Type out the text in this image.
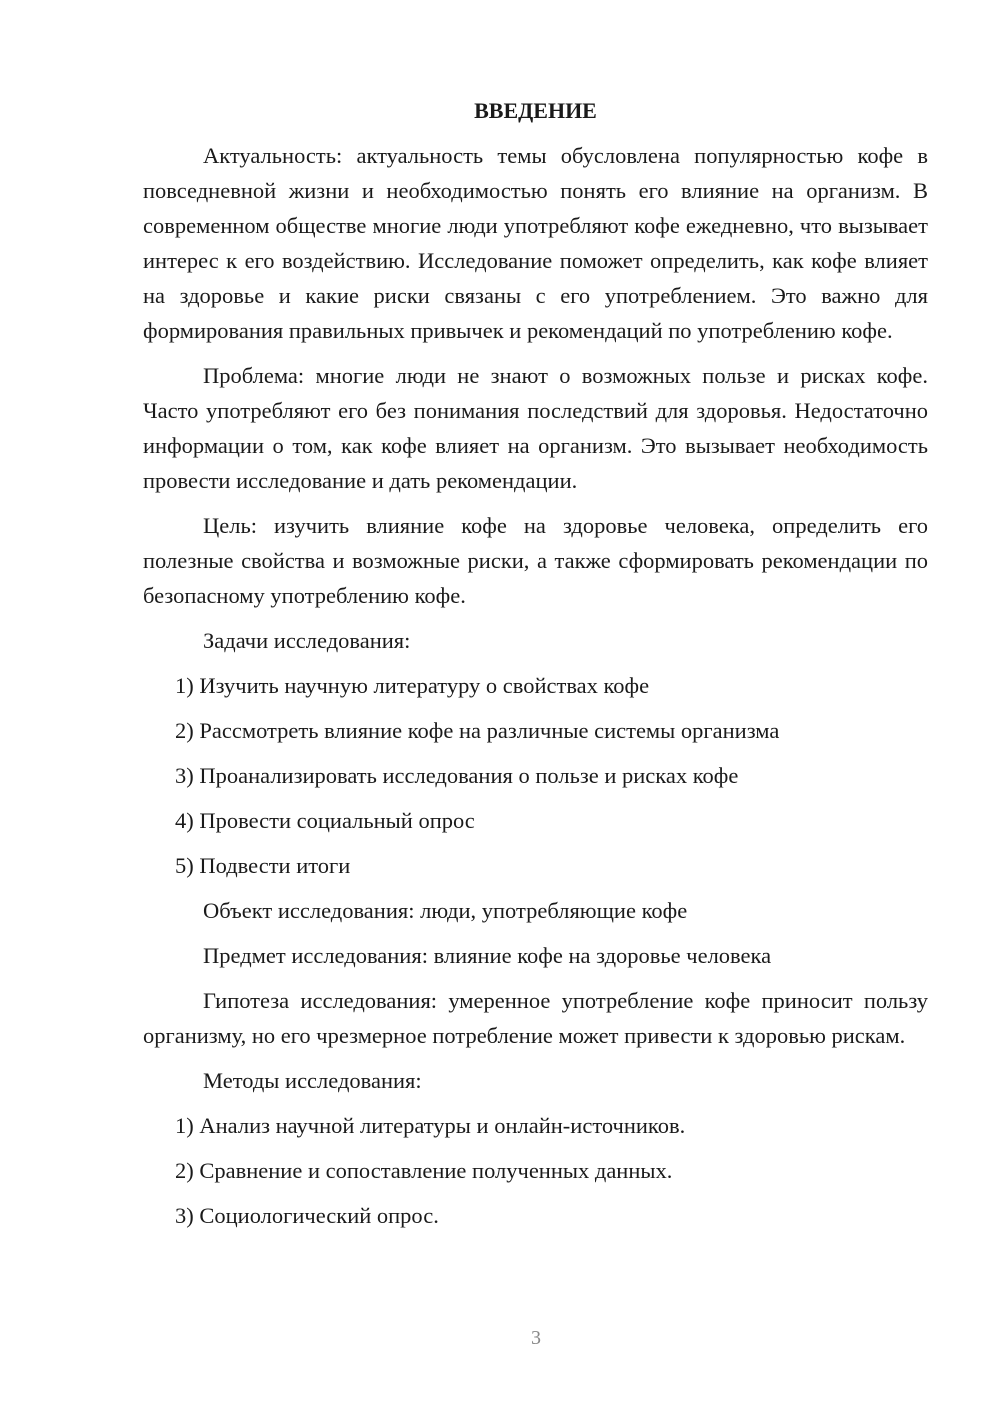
ВВЕДЕНИЕ

Актуальность: актуальность темы обусловлена популярностью кофе в повседневной жизни и необходимостью понять его влияние на организм. В современном обществе многие люди употребляют кофе ежедневно, что вызывает интерес к его воздействию. Исследование поможет определить, как кофе влияет на здоровье и какие риски связаны с его употреблением. Это важно для формирования правильных привычек и рекомендаций по употреблению кофе.

Проблема: многие люди не знают о возможных пользе и рисках кофе. Часто употребляют его без понимания последствий для здоровья. Недостаточно информации о том, как кофе влияет на организм. Это вызывает необходимость провести исследование и дать рекомендации.

Цель: изучить влияние кофе на здоровье человека, определить его полезные свойства и возможные риски, а также сформировать рекомендации по безопасному употреблению кофе.

Задачи исследования:

1) Изучить научную литературу о свойствах кофе

2) Рассмотреть влияние кофе на различные системы организма

3) Проанализировать исследования о пользе и рисках кофе

4) Провести социальный опрос

5) Подвести итоги

Объект исследования: люди, употребляющие кофе

Предмет исследования: влияние кофе на здоровье человека

Гипотеза исследования: умеренное употребление кофе приносит пользу организму, но его чрезмерное потребление может привести к здоровью рискам.

Методы исследования:

1) Анализ научной литературы и онлайн-источников.

2) Сравнение и сопоставление полученных данных.

3) Социологический опрос.

3
